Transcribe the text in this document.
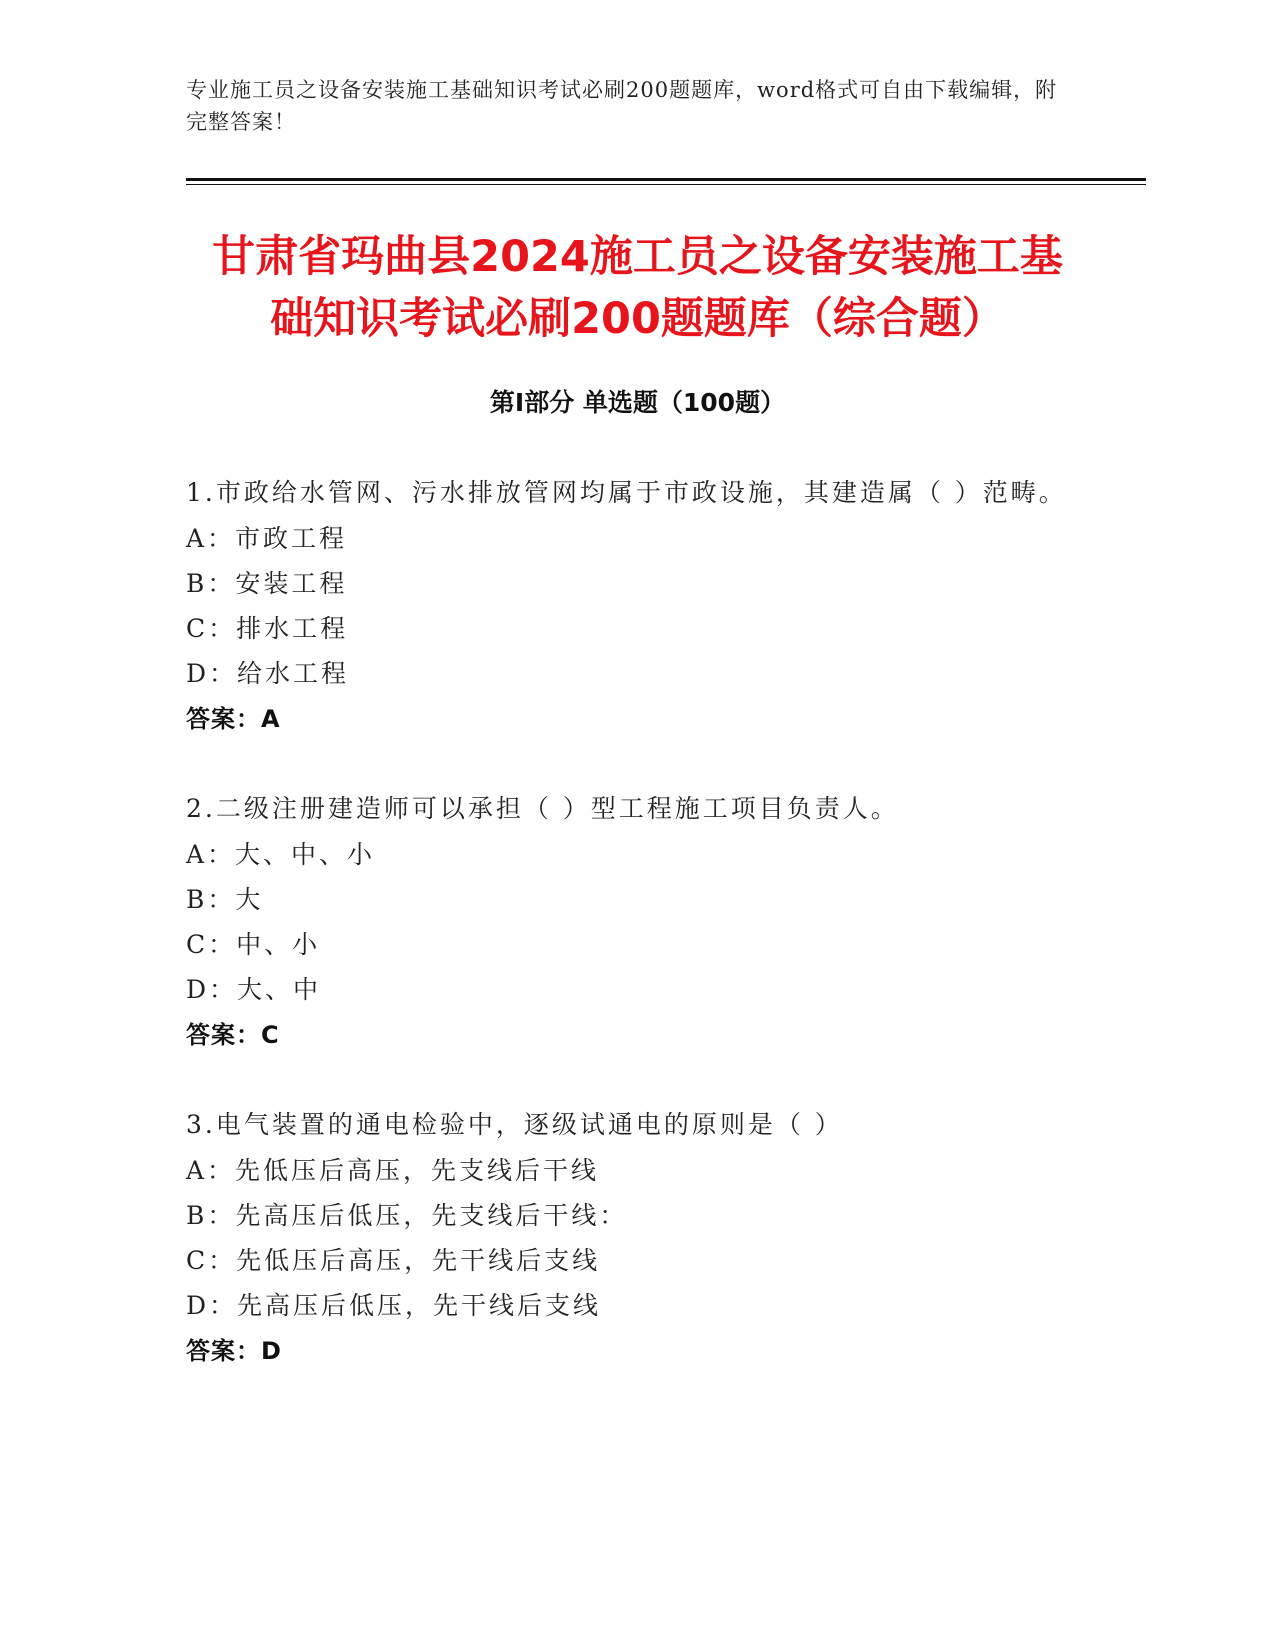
专业施工员之设备安装施工基础知识考试必刷200题题库，word格式可自由下载编辑，附完整答案！
甘肃省玛曲县2024施工员之设备安装施工基
础知识考试必刷200题题库（综合题）
第Ⅰ部分 单选题（100题）
1.市政给水管网、污水排放管网均属于市政设施，其建造属（ ）范畴。
A：市政工程
B：安装工程
C：排水工程
D：给水工程
答案：A
2.二级注册建造师可以承担（ ）型工程施工项目负责人。
A：大、中、小
B：大
C：中、小
D：大、中
答案：C
3.电气装置的通电检验中，逐级试通电的原则是（ ）
A：先低压后高压，先支线后干线
B：先高压后低压，先支线后干线：
C：先低压后高压，先干线后支线
D：先高压后低压，先干线后支线
答案：D
